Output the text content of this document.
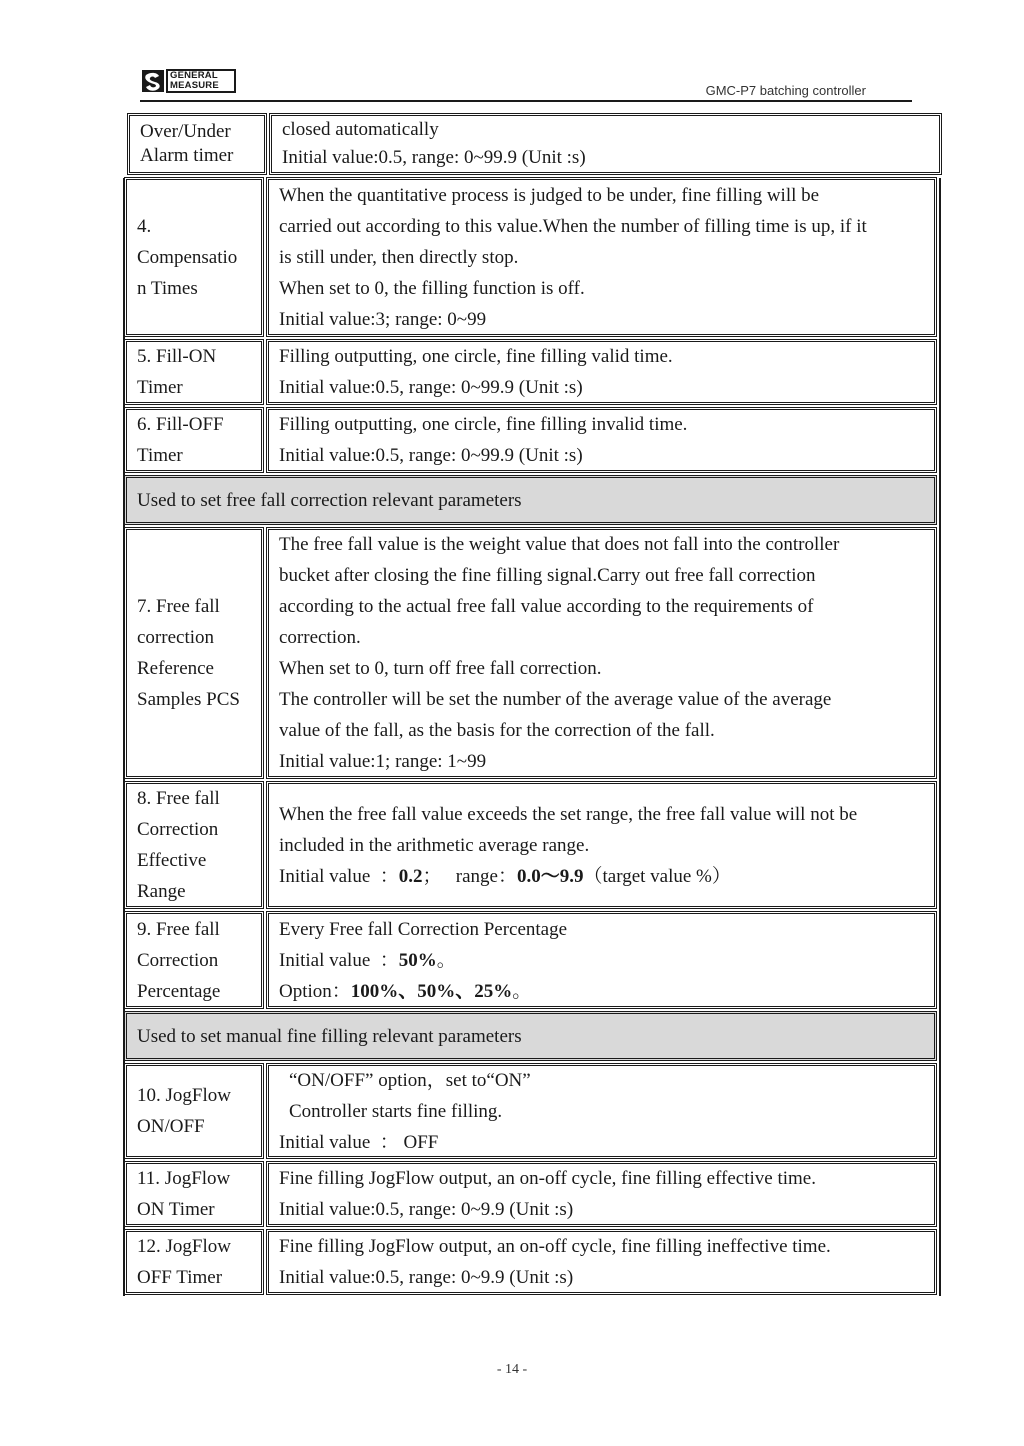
GENERAL
MEASURE	GMC-P7 batching controller
Over/Under
Alarm timer
closed automatically
Initial value:0.5, range: 0~99.9 (Unit :s)
4.
Compensatio
n Times
When the quantitative process is judged to be under, fine filling will be
carried out according to this value.When the number of filling time is up, if it
is still under, then directly stop.
When set to 0, the filling function is off.
Initial value:3; range: 0~99
5. Fill-ON
Timer
Filling outputting, one circle, fine filling valid time.
Initial value:0.5, range: 0~99.9 (Unit :s)
6. Fill-OFF
Timer
Filling outputting, one circle, fine filling invalid time.
Initial value:0.5, range: 0~99.9 (Unit :s)
Used to set free fall correction relevant parameters
7. Free fall
correction
Reference
Samples PCS
The free fall value is the weight value that does not fall into the controller
bucket after closing the fine filling signal.Carry out free fall correction
according to the actual free fall value according to the requirements of
correction.
When set to 0, turn off free fall correction.
The controller will be set the number of the average value of the average
value of the fall, as the basis for the correction of the fall.
Initial value:1; range: 1~99
8. Free fall
Correction
Effective
Range
When the free fall value exceeds the set range, the free fall value will not be
included in the arithmetic average range.
Initial value  ：0.2；   range：0.0～9.9（target value %）
9. Free fall
Correction
Percentage
Every Free fall Correction Percentage
Initial value  ：50%。
Option：100%、50%、25%。
Used to set manual fine filling relevant parameters
10. JogFlow
ON/OFF
“ON/OFF” option，set to“ON”
Controller starts fine filling.
Initial value  ： OFF
11. JogFlow
ON Timer
Fine filling JogFlow output, an on-off cycle, fine filling effective time.
Initial value:0.5, range: 0~9.9 (Unit :s)
12. JogFlow
OFF Timer
Fine filling JogFlow output, an on-off cycle, fine filling ineffective time.
Initial value:0.5, range: 0~9.9 (Unit :s)
- 14 -
